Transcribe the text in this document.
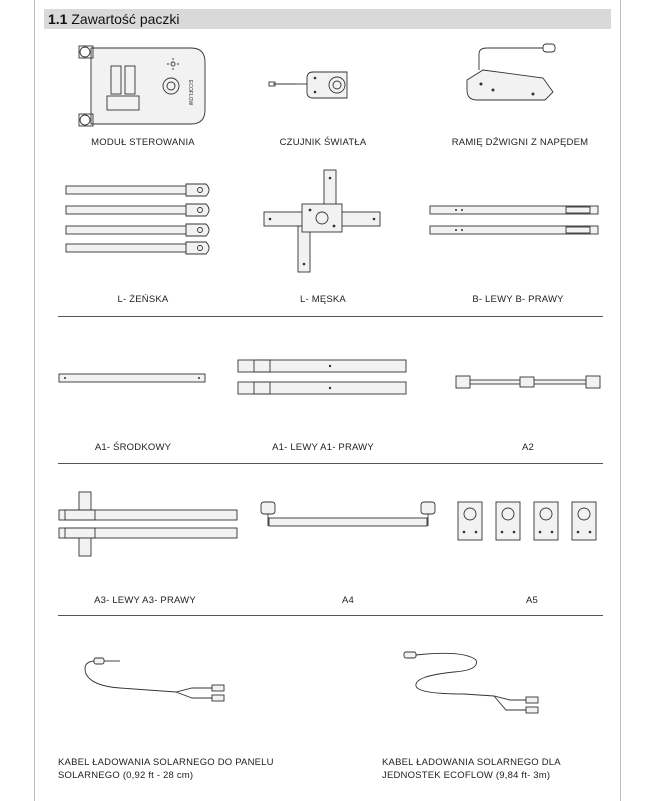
1.1 Zawartość paczki
ECOFLOW
MODUŁ STEROWANIA	CZUJNIK ŚWIATŁA	RAMIĘ DŹWIGNI Z NAPĘDEM
L- ŻEŃSKA	L- MĘSKA	B- LEWY B- PRAWY
A1- ŚRODKOWY	A1- LEWY A1- PRAWY	A2
A3- LEWY A3- PRAWY	A4	A5
KABEL ŁADOWANIA SOLARNEGO DO PANELU SOLARNEGO (0,92 ft - 28 cm)
KABEL ŁADOWANIA SOLARNEGO DLA JEDNOSTEK ECOFLOW (9,84 ft- 3m)
